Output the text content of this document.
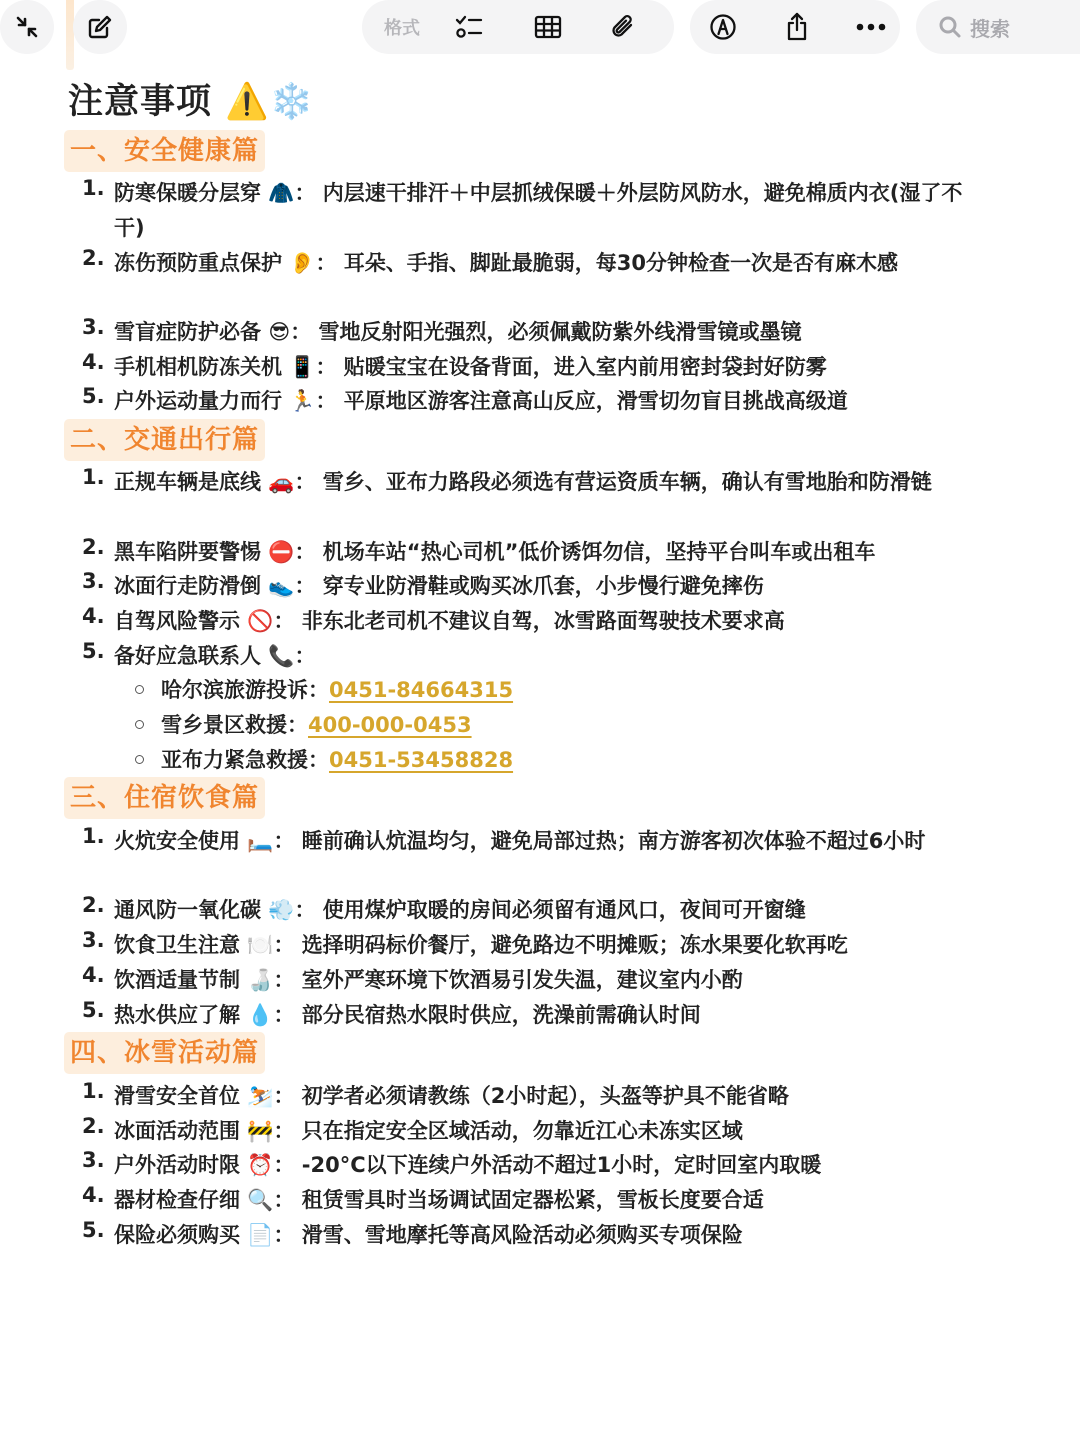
格式	搜索
注意事项 ⚠️❄️
一、安全健康篇
1. 防寒保暖分层穿 🧥： 内层速干排汗＋中层抓绒保暖＋外层防风防水，避免棉质内衣(湿了不干)
2. 冻伤预防重点保护 👂： 耳朵、手指、脚趾最脆弱，每30分钟检查一次是否有麻木感
3. 雪盲症防护必备 😎： 雪地反射阳光强烈，必须佩戴防紫外线滑雪镜或墨镜
4. 手机相机防冻关机 📱： 贴暖宝宝在设备背面，进入室内前用密封袋封好防雾
5. 户外运动量力而行 🏃： 平原地区游客注意高山反应，滑雪切勿盲目挑战高级道
二、交通出行篇
1. 正规车辆是底线 🚗： 雪乡、亚布力路段必须选有营运资质车辆，确认有雪地胎和防滑链
2. 黑车陷阱要警惕 ⛔： 机场车站“热心司机”低价诱饵勿信，坚持平台叫车或出租车
3. 冰面行走防滑倒 👟： 穿专业防滑鞋或购买冰爪套，小步慢行避免摔伤
4. 自驾风险警示 🚫： 非东北老司机不建议自驾，冰雪路面驾驶技术要求高
5. 备好应急联系人 📞：
哈尔滨旅游投诉：0451-84664315
雪乡景区救援：400-000-0453
亚布力紧急救援：0451-53458828
三、住宿饮食篇
1. 火炕安全使用 🛏️： 睡前确认炕温均匀，避免局部过热；南方游客初次体验不超过6小时
2. 通风防一氧化碳 💨： 使用煤炉取暖的房间必须留有通风口，夜间可开窗缝
3. 饮食卫生注意 🍽️： 选择明码标价餐厅，避免路边不明摊贩；冻水果要化软再吃
4. 饮酒适量节制 🍶： 室外严寒环境下饮酒易引发失温，建议室内小酌
5. 热水供应了解 💧： 部分民宿热水限时供应，洗澡前需确认时间
四、冰雪活动篇
1. 滑雪安全首位 ⛷️： 初学者必须请教练（2小时起），头盔等护具不能省略
2. 冰面活动范围 🚧： 只在指定安全区域活动，勿靠近江心未冻实区域
3. 户外活动时限 ⏰： -20°C以下连续户外活动不超过1小时，定时回室内取暖
4. 器材检查仔细 🔍： 租赁雪具时当场调试固定器松紧，雪板长度要合适
5. 保险必须购买 📄： 滑雪、雪地摩托等高风险活动必须购买专项保险
